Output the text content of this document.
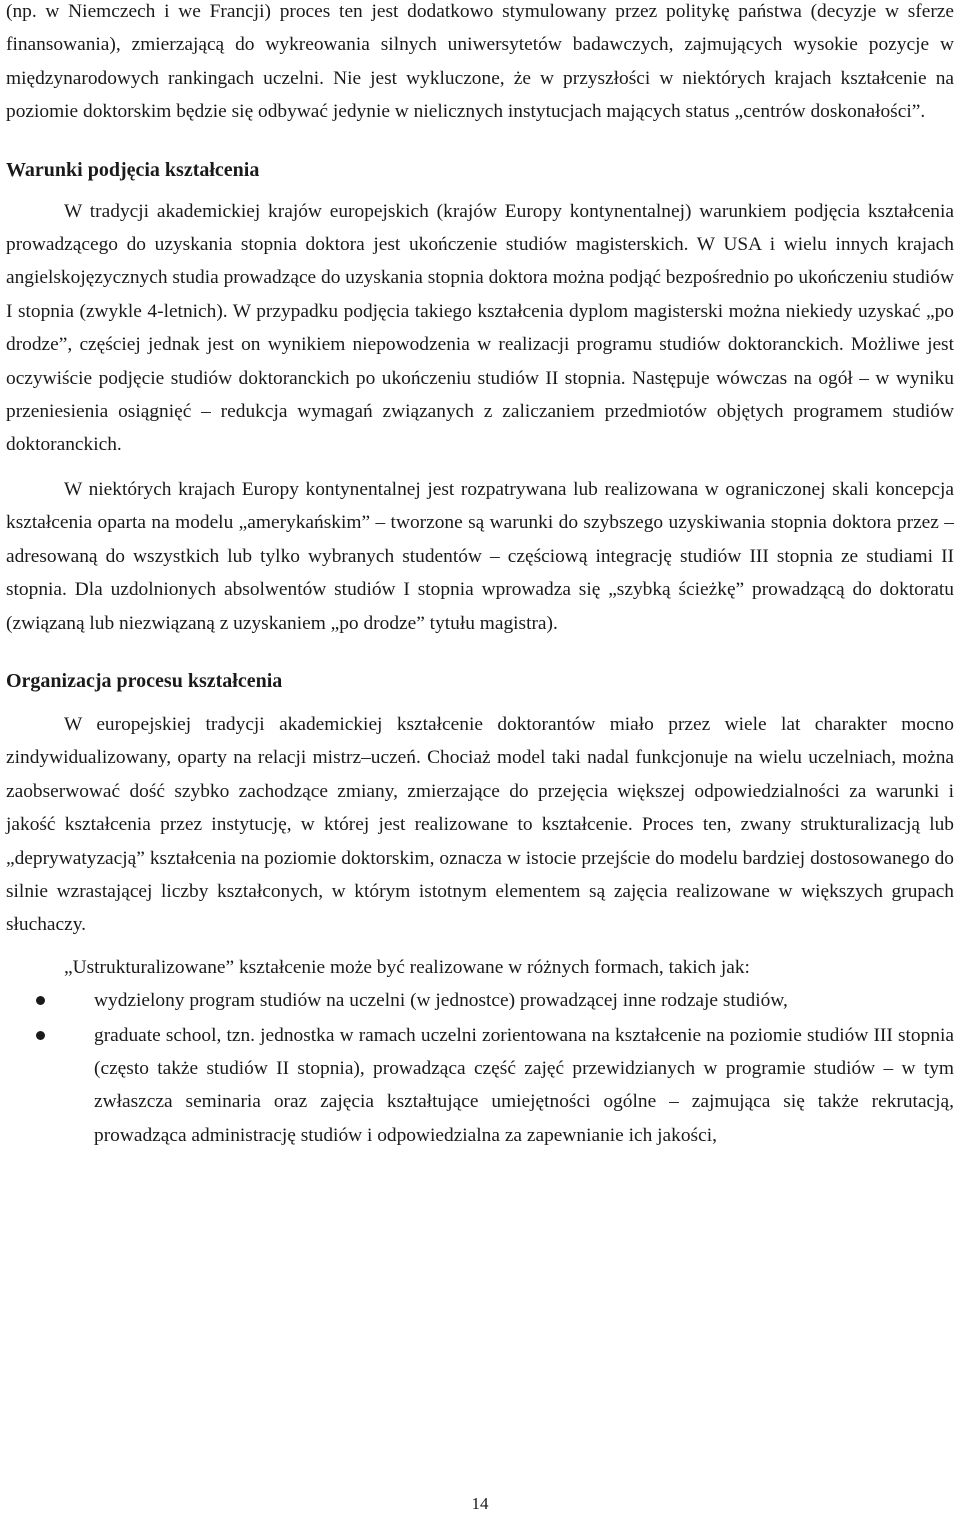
(np. w Niemczech i we Francji) proces ten jest dodatkowo stymulowany przez politykę państwa (decyzje w sferze finansowania), zmierzającą do wykreowania silnych uniwersytetów badawczych, zajmujących wysokie pozycje w międzynarodowych rankingach uczelni. Nie jest wykluczone, że w przyszłości w niektórych krajach kształcenie na poziomie doktorskim będzie się odbywać jedynie w nielicznych instytucjach mających status „centrów doskonałości”.

Warunki podjęcia kształcenia

W tradycji akademickiej krajów europejskich (krajów Europy kontynentalnej) warunkiem podjęcia kształcenia prowadzącego do uzyskania stopnia doktora jest ukończenie studiów magisterskich. W USA i wielu innych krajach angielskojęzycznych studia prowadzące do uzyskania stopnia doktora można podjąć bezpośrednio po ukończeniu studiów I stopnia (zwykle 4-letnich). W przypadku podjęcia takiego kształcenia dyplom magisterski można niekiedy uzyskać „po drodze”, częściej jednak jest on wynikiem niepowodzenia w realizacji programu studiów doktoranckich. Możliwe jest oczywiście podjęcie studiów doktoranckich po ukończeniu studiów II stopnia. Następuje wówczas na ogół – w wyniku przeniesienia osiągnięć – redukcja wymagań związanych z zaliczaniem przedmiotów objętych programem studiów doktoranckich.

W niektórych krajach Europy kontynentalnej jest rozpatrywana lub realizowana w ograniczonej skali koncepcja kształcenia oparta na modelu „amerykańskim” – tworzone są warunki do szybszego uzyskiwania stopnia doktora przez – adresowaną do wszystkich lub tylko wybranych studentów – częściową integrację studiów III stopnia ze studiami II stopnia. Dla uzdolnionych absolwentów studiów I stopnia wprowadza się „szybką ścieżkę” prowadzącą do doktoratu (związaną lub niezwiązaną z uzyskaniem „po drodze” tytułu magistra).

Organizacja procesu kształcenia

W europejskiej tradycji akademickiej kształcenie doktorantów miało przez wiele lat charakter mocno zindywidualizowany, oparty na relacji mistrz–uczeń. Chociaż model taki nadal funkcjonuje na wielu uczelniach, można zaobserwować dość szybko zachodzące zmiany, zmierzające do przejęcia większej odpowiedzialności za warunki i jakość kształcenia przez instytucję, w której jest realizowane to kształcenie. Proces ten, zwany strukturalizacją lub „deprywatyzacją” kształcenia na poziomie doktorskim, oznacza w istocie przejście do modelu bardziej dostosowanego do silnie wzrastającej liczby kształconych, w którym istotnym elementem są zajęcia realizowane w większych grupach słuchaczy.

„Ustrukturalizowane” kształcenie może być realizowane w różnych formach, takich jak:

wydzielony program studiów na uczelni (w jednostce) prowadzącej inne rodzaje studiów,
graduate school, tzn. jednostka w ramach uczelni zorientowana na kształcenie na poziomie studiów III stopnia (często także studiów II stopnia), prowadząca część zajęć przewidzianych w programie studiów – w tym zwłaszcza seminaria oraz zajęcia kształtujące umiejętności ogólne – zajmująca się także rekrutacją, prowadząca administrację studiów i odpowiedzialna za zapewnianie ich jakości,
14
